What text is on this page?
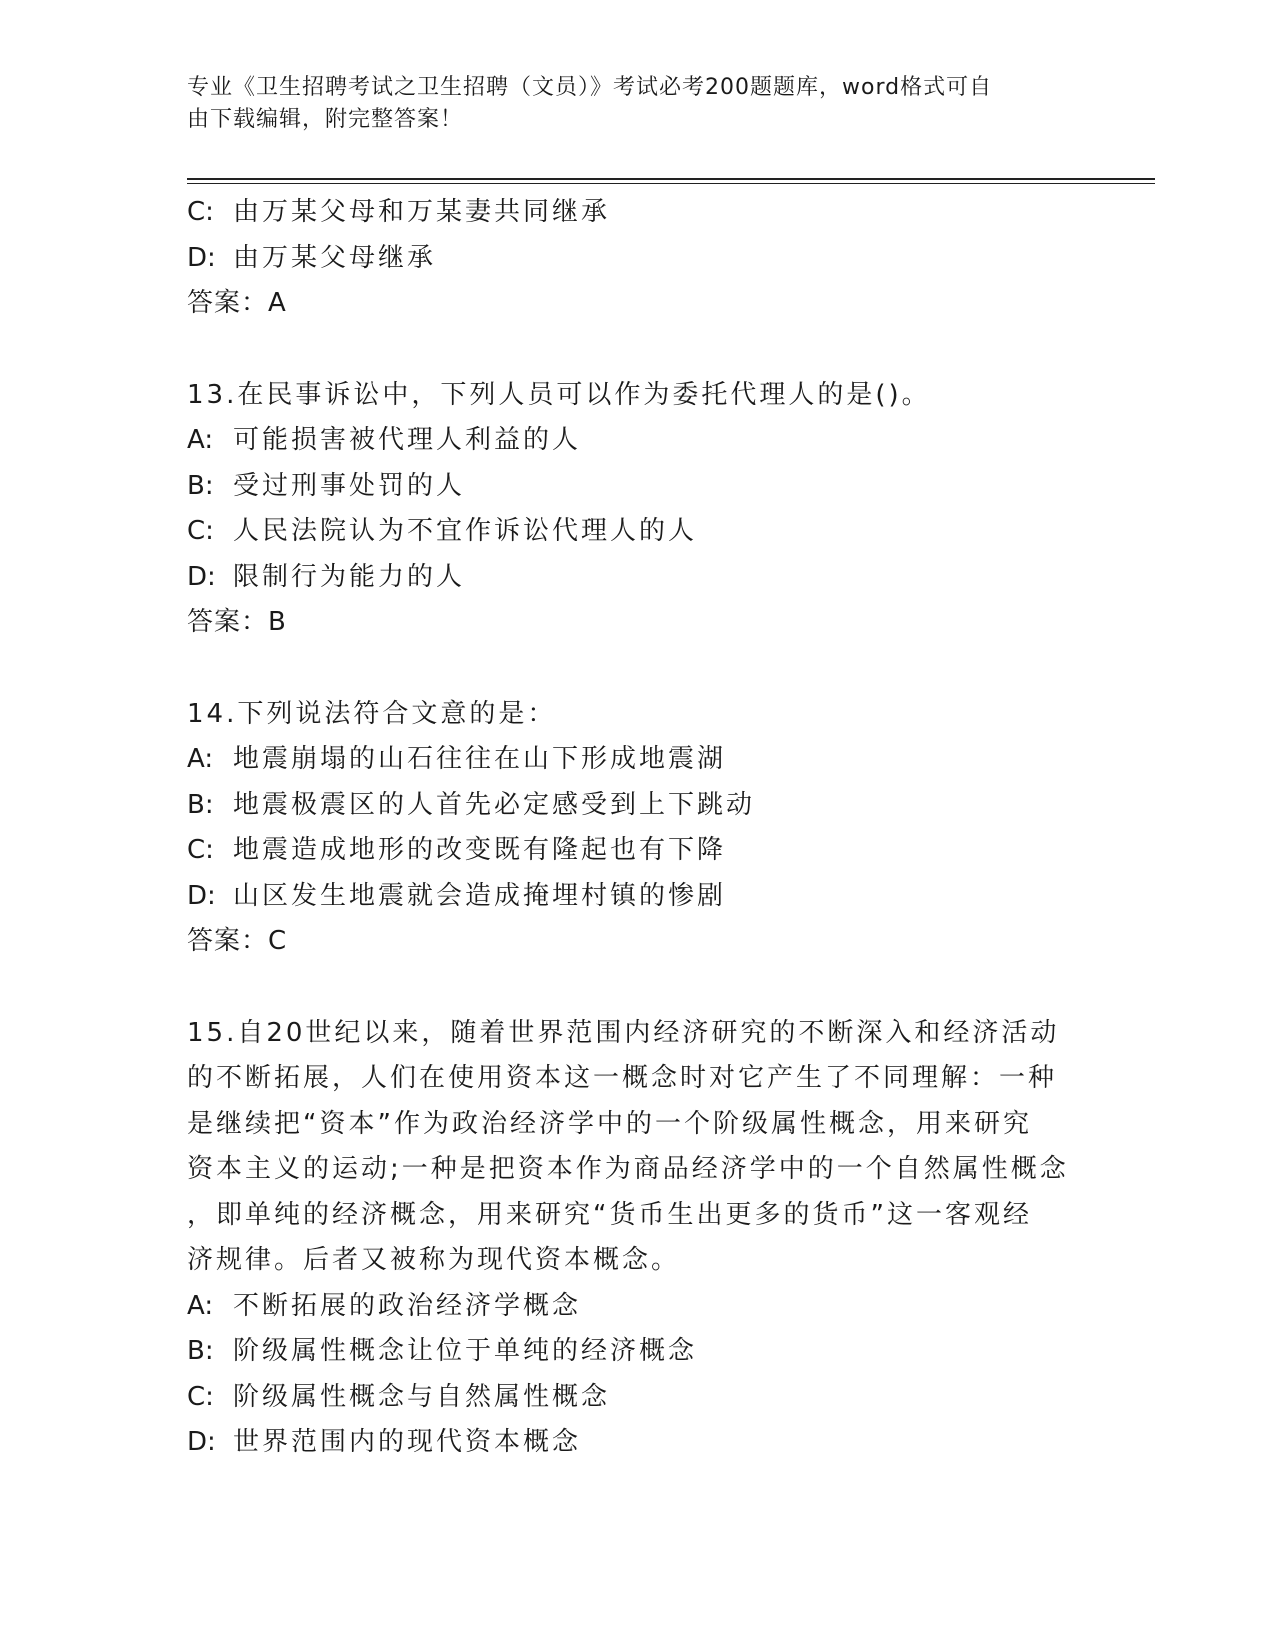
专业《卫生招聘考试之卫生招聘（文员）》考试必考200题题库，word格式可自
由下载编辑，附完整答案！
C: 由万某父母和万某妻共同继承
D: 由万某父母继承
答案：A
13.在民事诉讼中，下列人员可以作为委托代理人的是()。
A: 可能损害被代理人利益的人
B: 受过刑事处罚的人
C: 人民法院认为不宜作诉讼代理人的人
D: 限制行为能力的人
答案：B
14.下列说法符合文意的是：
A: 地震崩塌的山石往往在山下形成地震湖
B: 地震极震区的人首先必定感受到上下跳动
C: 地震造成地形的改变既有隆起也有下降
D: 山区发生地震就会造成掩埋村镇的惨剧
答案：C
15.自20世纪以来，随着世界范围内经济研究的不断深入和经济活动
的不断拓展，人们在使用资本这一概念时对它产生了不同理解：一种
是继续把“资本”作为政治经济学中的一个阶级属性概念，用来研究
资本主义的运动;一种是把资本作为商品经济学中的一个自然属性概念
，即单纯的经济概念，用来研究“货币生出更多的货币”这一客观经
济规律。后者又被称为现代资本概念。
A: 不断拓展的政治经济学概念
B: 阶级属性概念让位于单纯的经济概念
C: 阶级属性概念与自然属性概念
D: 世界范围内的现代资本概念
